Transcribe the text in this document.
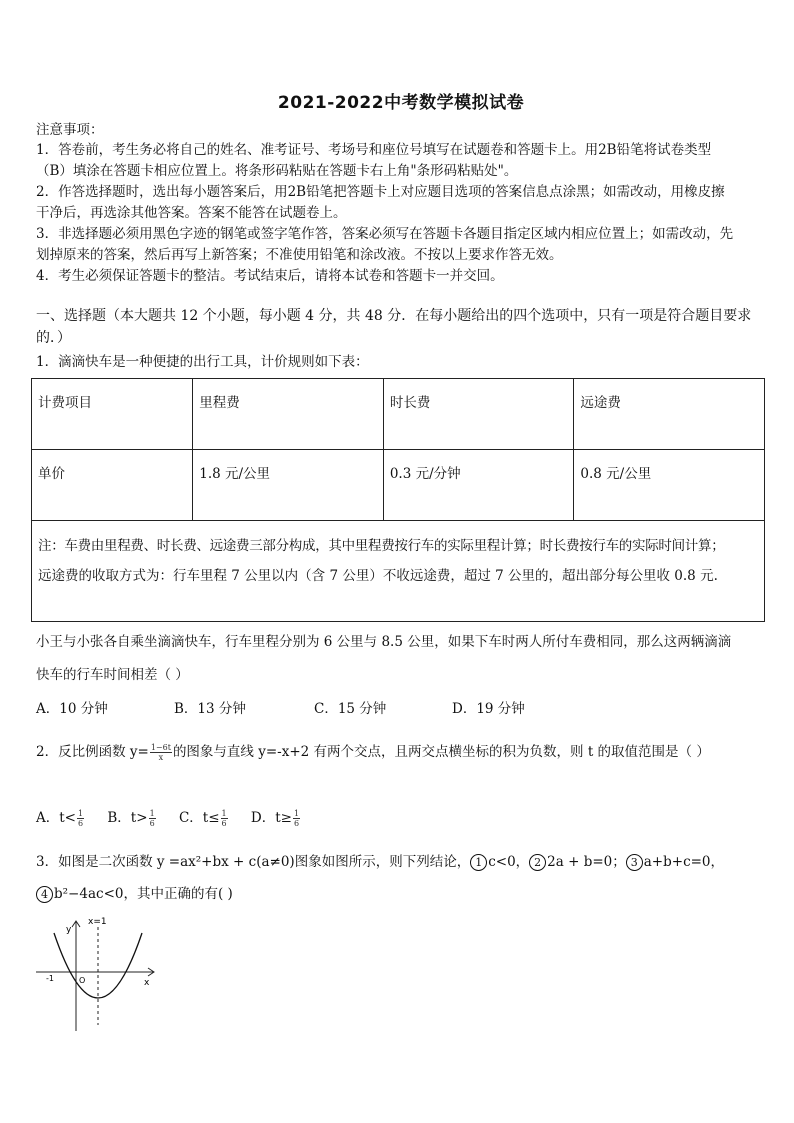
2021-2022中考数学模拟试卷
注意事项：
1．答卷前，考生务必将自己的姓名、准考证号、考场号和座位号填写在试题卷和答题卡上。用2B铅笔将试卷类型
（B）填涂在答题卡相应位置上。将条形码粘贴在答题卡右上角"条形码粘贴处"。
2．作答选择题时，选出每小题答案后，用2B铅笔把答题卡上对应题目选项的答案信息点涂黑；如需改动，用橡皮擦
干净后，再选涂其他答案。答案不能答在试题卷上。
3．非选择题必须用黑色字迹的钢笔或签字笔作答，答案必须写在答题卡各题目指定区域内相应位置上；如需改动，先
划掉原来的答案，然后再写上新答案；不准使用铅笔和涂改液。不按以上要求作答无效。
4．考生必须保证答题卡的整洁。考试结束后，请将本试卷和答题卡一并交回。
一、选择题（本大题共 12 个小题，每小题 4 分，共 48 分．在每小题给出的四个选项中，只有一项是符合题目要求
的．）
1．滴滴快车是一种便捷的出行工具，计价规则如下表：
计费项目	里程费	时长费	远途费
单价	1.8 元/公里	0.3 元/分钟	0.8 元/公里

注：车费由里程费、时长费、远途费三部分构成，其中里程费按行车的实际里程计算；时长费按行车的实际时间计算；
远途费的收取方式为：行车里程 7 公里以内（含 7 公里）不收远途费，超过 7 公里的，超出部分每公里收 0.8 元.			
小王与小张各自乘坐滴滴快车，行车里程分别为 6 公里与 8.5 公里，如果下车时两人所付车费相同，那么这两辆滴滴
快车的行车时间相差（ ）
A．10 分钟	B．13 分钟	C．15 分钟	D．19 分钟
2．反比例函数 $y= \frac{1-6t}{x}$ 的图象与直线 y=-x+2 有两个交点，且两交点横坐标的积为负数，则 t 的取值范围是（ ）
A．$t< \frac{1}{6}$ B．$t> \frac{1}{6}$ C．$t\le \frac{1}{6}$ D．$t\ge \frac{1}{6}$
3．如图是二次函数 y =ax²+bx + c(a≠0)图象如图所示，则下列结论， 1 c<0， 2 2a + b=0； 3 a+b+c=0，
4 b²−4ac<0，其中正确的有( )
x=1
y
x
O
-1
